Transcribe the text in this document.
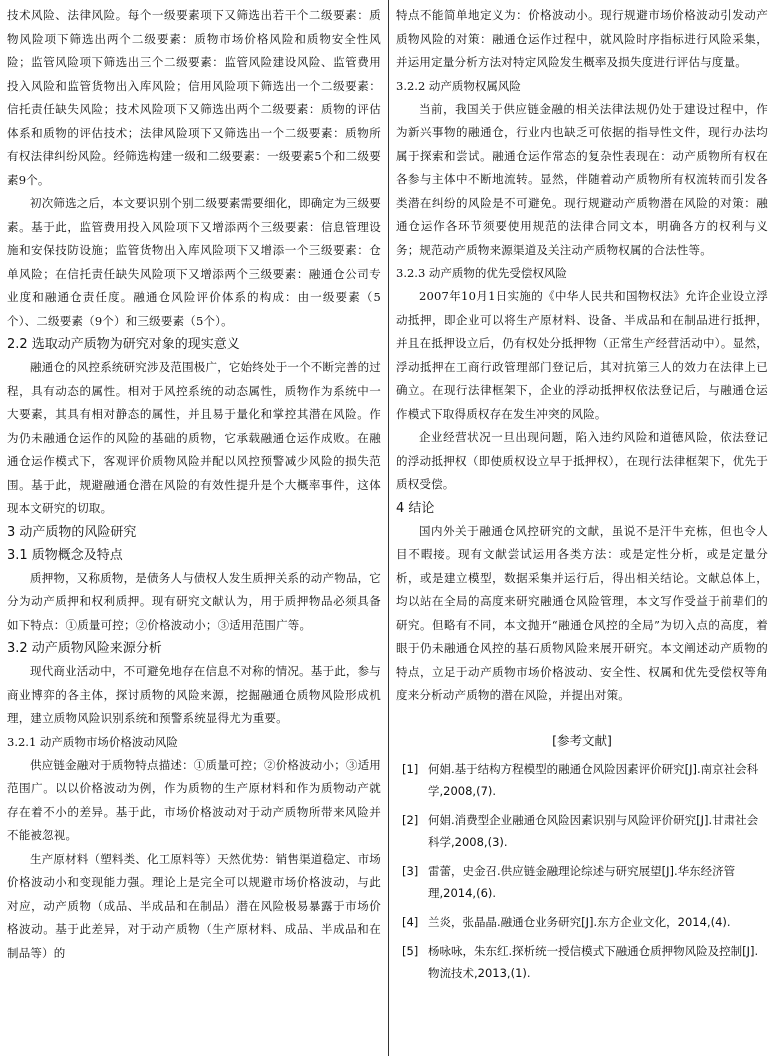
技术风险、法律风险。每个一级要素项下又筛选出若干个二级要素：质物风险项下筛选出两个二级要素：质物市场价格风险和质物安全性风险；监管风险项下筛选出三个二级要素：监管风险建设风险、监管费用投入风险和监管货物出入库风险；信用风险项下筛选出一个二级要素：信托责任缺失风险；技术风险项下又筛选出两个二级要素：质物的评估体系和质物的评估技术；法律风险项下又筛选出一个二级要素：质物所有权法律纠纷风险。经筛选构建一级和二级要素：一级要素5个和二级要素9个。

初次筛选之后，本文要识别个别二级要素需要细化，即确定为三级要素。基于此，监管费用投入风险项下又增添两个三级要素：信息管理设施和安保技防设施；监管货物出入库风险项下又增添一个三级要素：仓单风险；在信托责任缺失风险项下又增添两个三级要素：融通仓公司专业度和融通仓责任度。融通仓风险评价体系的构成：由一级要素（5个）、二级要素（9个）和三级要素（5个）。

2.2 选取动产质物为研究对象的现实意义

融通仓的风控系统研究涉及范围极广，它始终处于一个不断完善的过程，具有动态的属性。相对于风控系统的动态属性，质物作为系统中一大要素，其具有相对静态的属性，并且易于量化和掌控其潜在风险。作为仍未融通仓运作的风险的基础的质物，它承载融通仓运作成败。在融通仓运作模式下，客观评价质物风险并配以风控预警减少风险的损失范围。基于此，规避融通仓潜在风险的有效性提升是个大概率事件，这体现本文研究的切取。

3 动产质物的风险研究

3.1 质物概念及特点

质押物，又称质物，是债务人与债权人发生质押关系的动产物品，它分为动产质押和权利质押。现有研究文献认为，用于质押物品必须具备如下特点：①质量可控；②价格波动小；③适用范围广等。

3.2 动产质物风险来源分析

现代商业活动中，不可避免地存在信息不对称的情况。基于此，参与商业博弈的各主体，探讨质物的风险来源，挖掘融通仓质物风险形成机理，建立质物风险识别系统和预警系统显得尤为重要。

3.2.1 动产质物市场价格波动风险

供应链金融对于质物特点描述：①质量可控；②价格波动小；③适用范围广。以以价格波动为例，作为质物的生产原材料和作为质物动产就存在着不小的差异。基于此，市场价格波动对于动产质物所带来风险并不能被忽视。

生产原材料（塑料类、化工原料等）天然优势：销售渠道稳定、市场价格波动小和变现能力强。理论上是完全可以规避市场价格波动，与此对应，动产质物（成品、半成品和在制品）潜在风险极易暴露于市场价格波动。基于此差异，对于动产质物（生产原材料、成品、半成品和在制品等）的

特点不能简单地定义为：价格波动小。现行规避市场价格波动引发动产质物风险的对策：融通仓运作过程中，就风险时序指标进行风险采集，并运用定量分析方法对特定风险发生概率及损失度进行评估与度量。

3.2.2 动产质物权属风险

当前，我国关于供应链金融的相关法律法规仍处于建设过程中，作为新兴事物的融通仓，行业内也缺乏可依据的指导性文件，现行办法均属于探索和尝试。融通仓运作常态的复杂性表现在：动产质物所有权在各参与主体中不断地流转。显然，伴随着动产质物所有权流转而引发各类潜在纠纷的风险是不可避免。现行规避动产质物潜在风险的对策：融通仓运作各环节须要使用规范的法律合同文本，明确各方的权利与义务；规范动产质物来源渠道及关注动产质物权属的合法性等。

3.2.3 动产质物的优先受偿权风险

2007年10月1日实施的《中华人民共和国物权法》允许企业设立浮动抵押，即企业可以将生产原材料、设备、半成品和在制品进行抵押，并且在抵押设立后，仍有权处分抵押物（正常生产经营活动中）。显然，浮动抵押在工商行政管理部门登记后，其对抗第三人的效力在法律上已确立。在现行法律框架下，企业的浮动抵押权依法登记后，与融通仓运作模式下取得质权存在发生冲突的风险。

企业经营状况一旦出现问题，陷入违约风险和道德风险，依法登记的浮动抵押权（即使质权设立早于抵押权），在现行法律框架下，优先于质权受偿。

4 结论

国内外关于融通仓风控研究的文献，虽说不是汗牛充栋，但也令人目不暇接。现有文献尝试运用各类方法：或是定性分析，或是定量分析，或是建立模型，数据采集并运行后，得出相关结论。文献总体上，均以站在全局的高度来研究融通仓风险管理，本文写作受益于前辈们的研究。但略有不同，本文抛开“融通仓风控的全局”为切入点的高度，着眼于仍未融通仓风控的基石质物风险来展开研究。本文阐述动产质物的特点，立足于动产质物市场价格波动、安全性、权属和优先受偿权等角度来分析动产质物的潜在风险，并提出对策。

[参考文献]

[1] 何娟.基于结构方程模型的融通仓风险因素评价研究[J].南京社会科学,2008,(7).
[2] 何娟.消费型企业融通仓风险因素识别与风险评价研究[J].甘肃社会科学,2008,(3).
[3] 雷蕾，史金召.供应链金融理论综述与研究展望[J].华东经济管理,2014,(6).
[4] 兰炎，张晶晶.融通仓业务研究[J].东方企业文化，2014,(4).
[5] 杨咏咏，朱东红.探析统一授信模式下融通仓质押物风险及控制[J].物流技术,2013,(1).
